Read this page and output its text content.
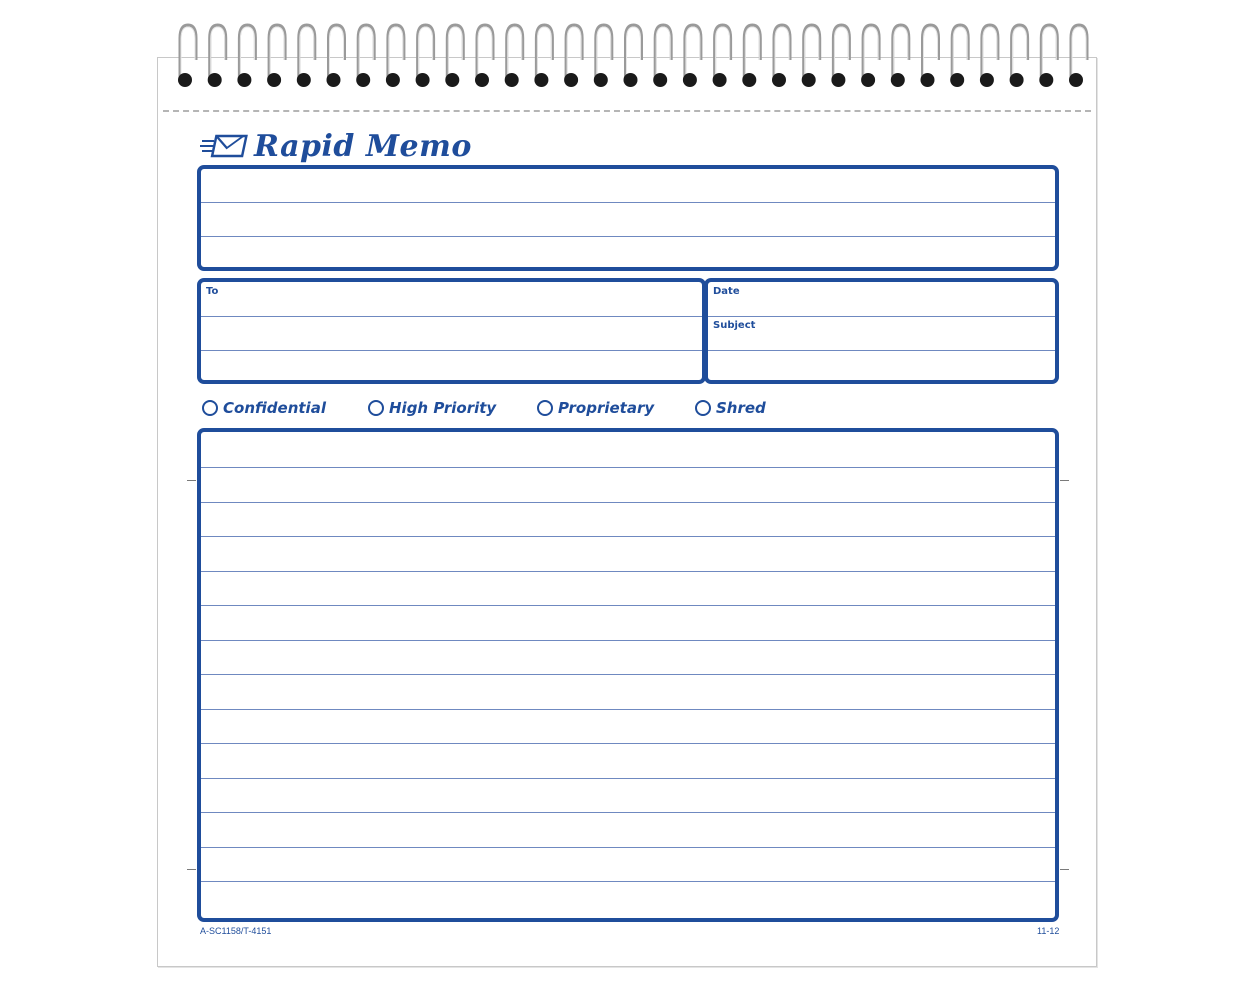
Rapid Memo
To	Date
Subject
Confidential	High Priority	Proprietary	Shred
A-SC1158/T-4151	11-12
